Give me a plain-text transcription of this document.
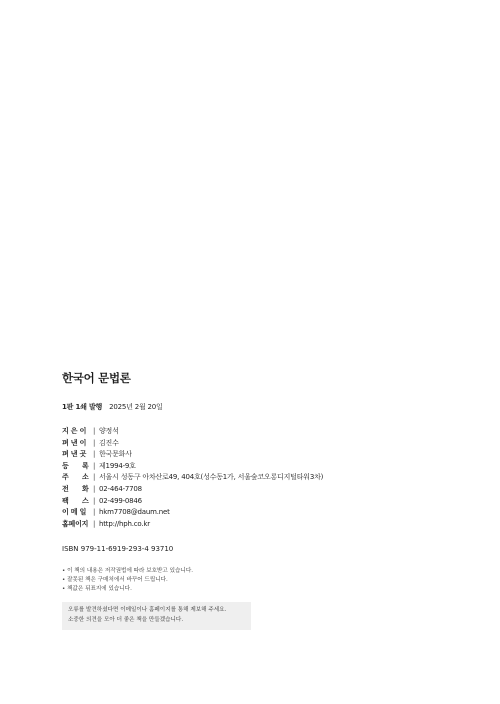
한국어 문법론
1판 1쇄 발행 2025년 2월 20일
지 은 이 | 양정석
펴 낸 이 | 김진수
펴 낸 곳 | 한국문화사
등      록 | 제1994-9호
주      소 | 서울시 성동구 아차산로49, 404호(성수동1가, 서울숲코오롱디지털타워3차)
전      화 | 02-464-7708
팩      스 | 02-499-0846
이 메 일 | hkm7708@daum.net
홈페이지 | http://hph.co.kr
ISBN 979-11-6919-293-4 93710
• 이 책의 내용은 저작권법에 따라 보호받고 있습니다.
• 잘못된 책은 구매처에서 바꾸어 드립니다.
• 책값은 뒤표지에 있습니다.
오류를 발견하셨다면 이메일이나 홈페이지를 통해 제보해 주세요.
소중한 의견을 모아 더 좋은 책을 만들겠습니다.
